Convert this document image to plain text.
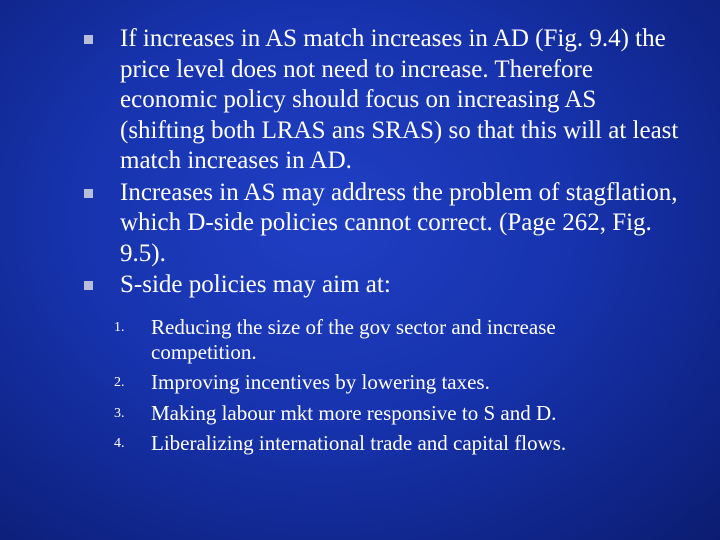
If increases in AS match increases in AD (Fig. 9.4) the price level does not need to increase. Therefore economic policy should focus on increasing AS (shifting both LRAS ans SRAS) so that this will at least match increases in AD.
Increases in AS may address the problem of stagflation, which D-side policies cannot correct. (Page 262, Fig. 9.5).
S-side policies may aim at:
1. Reducing the size of the gov sector and increase competition.
2. Improving incentives by lowering taxes.
3. Making labour mkt more responsive to S and D.
4. Liberalizing international trade and capital flows.
